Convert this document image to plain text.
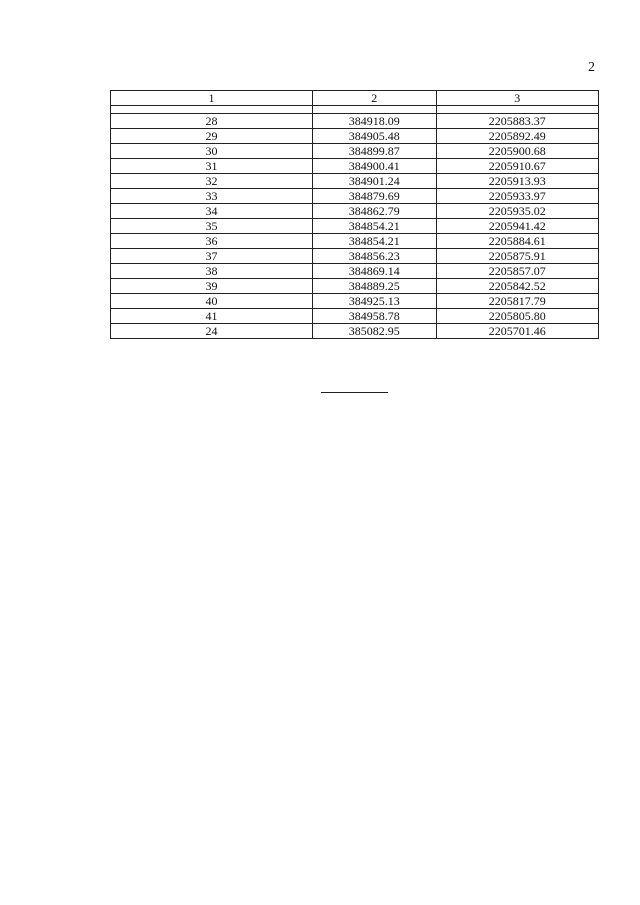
2
1	2	3

28	384918.09	2205883.37
29	384905.48	2205892.49
30	384899.87	2205900.68
31	384900.41	2205910.67
32	384901.24	2205913.93
33	384879.69	2205933.97
34	384862.79	2205935.02
35	384854.21	2205941.42
36	384854.21	2205884.61
37	384856.23	2205875.91
38	384869.14	2205857.07
39	384889.25	2205842.52
40	384925.13	2205817.79
41	384958.78	2205805.80
24	385082.95	2205701.46
